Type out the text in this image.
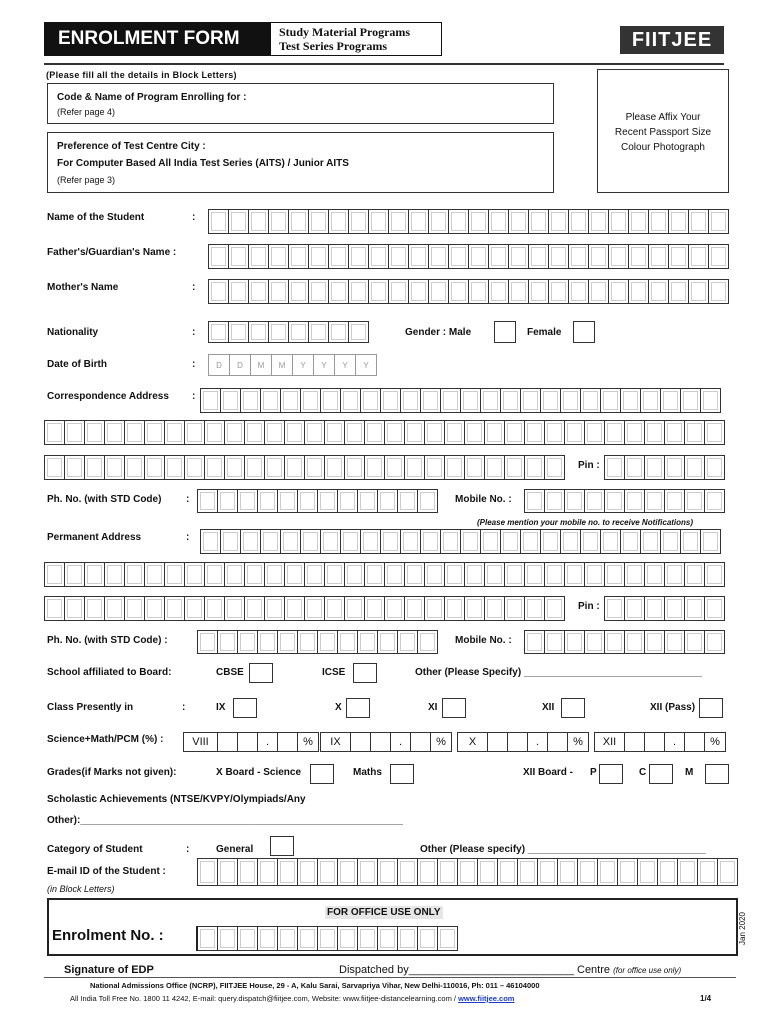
ENROLMENT FORM	Study Material Programs
Test Series Programs	FIITJEE
(Please fill all the details in Block Letters)
Code & Name of Program Enrolling for :
(Refer page 4)
Preference of Test Centre City :
For Computer Based All India Test Series (AITS) / Junior AITS
(Refer page 3)
Please Affix Your
Recent Passport Size
Colour Photograph
Name of the Student	:
Father's/Guardian's Name :
Mother's Name	:
Nationality	:	Gender : Male	Female
Date of Birth	:	D	D	M	M	Y	Y	Y	Y
Correspondence Address :
Pin :
Ph. No. (with STD Code) :	Mobile No. :
(Please mention your mobile no. to receive Notifications)
Permanent Address	:
Pin :
Ph. No. (with STD Code) :	Mobile No. :
School affiliated to Board:	CBSE	ICSE	Other (Please Specify) ________________________________
Class Presently in	:	IX	X	XI	XII	XII (Pass)
Science+Math/PCM (%) :	VIII	.	%	IX	.	%	X	.	%	XII	.	%
Grades(if Marks not given):	X Board - Science	Maths	XII Board - P	C	M
Scholastic Achievements (NTSE/KVPY/Olympiads/Any
Other):__________________________________________________________
Category of Student	:	General	Other (Please specify) ________________________________
E-mail ID of the Student :
(in Block Letters)
FOR OFFICE USE ONLY
Enrolment No. :	Jan 2020
Signature of EDP	Dispatched by___________________________ Centre (for office use only)
National Admissions Office (NCRP), FIITJEE House, 29 - A, Kalu Sarai, Sarvapriya Vihar, New Delhi-110016, Ph: 011 – 46104000
All India Toll Free No. 1800 11 4242, E-mail: query.dispatch@fiitjee.com, Website: www.fiitjee-distancelearning.com / www.fiitjee.com	1/4
